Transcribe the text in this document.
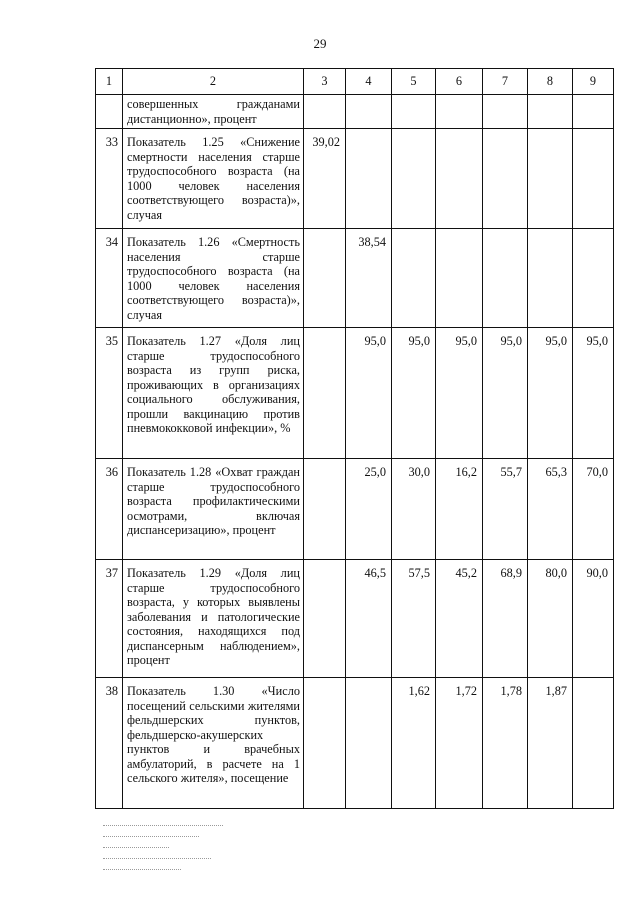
29
1	2	3	4	5	6	7	8	9
	совершенных гражданами дистанционно», процент							
33	Показатель 1.25 «Снижение смертности населения старше трудоспособного возраста (на 1000 человек населения соответствующего возраста)», случая	39,02						
34	Показатель 1.26 «Смертность населения старше трудоспособного возраста (на 1000 человек населения соответствующего возраста)», случая		38,54					
35	Показатель 1.27 «Доля лиц старше трудоспособного возраста из групп риска, проживающих в организациях социального обслуживания, прошли вакцинацию против пневмококковой инфекции», %		95,0	95,0	95,0	95,0	95,0	95,0
36	Показатель 1.28 «Охват граждан старше трудоспособного возраста профилактическими осмотрами, включая диспансеризацию», процент		25,0	30,0	16,2	55,7	65,3	70,0
37	Показатель 1.29 «Доля лиц старше трудоспособного возраста, у которых выявлены заболевания и патологические состояния, находящихся под диспансерным наблюдением», процент		46,5	57,5	45,2	68,9	80,0	90,0
38	Показатель 1.30 «Число посещений сельскими жителями фельдшерских пунктов, фельдшерско-акушерских пунктов и врачебных амбулаторий, в расчете на 1 сельского жителя», посещение			1,62	1,72	1,78	1,87	
